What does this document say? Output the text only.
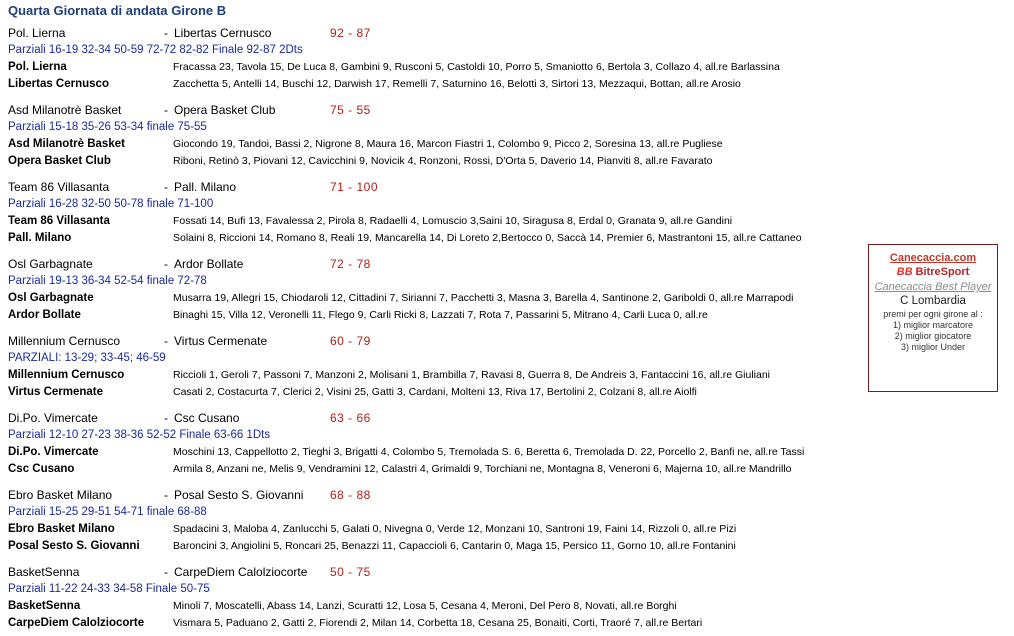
Quarta Giornata di andata Girone B
Pol. Lierna	- Libertas Cernusco	92 - 87
Parziali 16-19 32-34 50-59 72-72 82-82 Finale 92-87 2Dts
Pol. Lierna	Fracassa 23, Tavola 15, De Luca 8, Gambini 9, Rusconi 5, Castoldi 10, Porro 5, Smaniotto 6, Bertola 3, Collazo 4, all.re Barlassina
Libertas Cernusco	Zacchetta 5, Antelli 14, Buschi 12, Darwish 17, Remelli 7, Saturnino 16, Belotti 3, Sirtori 13, Mezzaqui, Bottan, all.re Arosio
Asd Milanotrè Basket	- Opera Basket Club	75 - 55
Parziali 15-18 35-26 53-34 finale 75-55
Asd Milanotrè Basket	Giocondo 19, Tandoi, Bassi 2, Nigrone 8, Maura 16, Marcon Fiastri 1, Colombo 9, Picco 2, Soresina 13, all.re Pugliese
Opera Basket Club	Riboni, Retinò 3, Piovani 12, Cavicchini 9, Novicik 4, Ronzoni, Rossi, D'Orta 5, Daverio 14, Pianviti 8, all.re Favarato
Team 86 Villasanta	- Pall. Milano	71 - 100
Parziali 16-28 32-50 50-78 finale 71-100
Team 86 Villasanta	Fossati 14, Bufi 13, Favalessa 2, Pirola 8, Radaelli 4, Lomuscio 3,Saini 10, Siragusa 8, Erdal 0, Granata 9, all.re Gandini
Pall. Milano	Solaini 8, Riccioni 14, Romano 8, Reali 19, Mancarella 14, Di Loreto 2,Bertocco 0, Saccà 14, Premier 6, Mastrantoni 15, all.re Cattaneo
Osl Garbagnate	- Ardor Bollate	72 - 78
Parziali 19-13 36-34 52-54 finale 72-78
Osl Garbagnate	Musarra 19, Allegri 15, Chiodaroli 12, Cittadini 7, Sirianni 7, Pacchetti 3, Masna 3, Barella 4, Santinone 2, Gariboldi 0, all.re Marrapodi
Ardor Bollate	Binaghi 15, Villa 12, Veronelli 11, Flego 9, Carli Ricki 8, Lazzati 7, Rota 7, Passarini 5, Mitrano 4, Carli Luca 0, all.re
Millennium Cernusco	- Virtus Cermenate	60 - 79
PARZIALI: 13-29; 33-45; 46-59
Millennium Cernusco	Riccioli 1, Geroli 7, Passoni 7, Manzoni 2, Molisani 1, Brambilla 7, Ravasi 8, Guerra 8, De Andreis 3, Fantaccini 16, all.re Giuliani
Virtus Cermenate	Casati 2, Costacurta 7, Clerici 2, Visini 25, Gatti 3, Cardani, Molteni 13, Riva 17, Bertolini 2, Colzani 8, all.re Aiolfi
Di.Po. Vimercate	- Csc Cusano	63 - 66
Parziali 12-10 27-23 38-36 52-52 Finale 63-66 1Dts
Di.Po. Vimercate	Moschini 13, Cappellotto 2, Tieghi 3, Brigatti 4, Colombo 5, Tremolada S. 6, Beretta 6, Tremolada D. 22, Porcello 2, Banfi ne, all.re Tassi
Csc Cusano	Armila 8, Anzani ne, Melis 9, Vendramini 12, Calastri 4, Grimaldi 9, Torchiani ne, Montagna 8, Veneroni 6, Majerna 10, all.re Mandrillo
Ebro Basket Milano	- Posal Sesto S. Giovanni 68 - 88
Parziali 15-25 29-51 54-71 finale 68-88
Ebro Basket Milano	Spadacini 3, Maloba 4, Zanlucchi 5, Galati 0, Nivegna 0, Verde 12, Monzani 10, Santroni 19, Faini 14, Rizzoli 0, all.re Pizi
Posal Sesto S. Giovanni	Baroncini 3, Angiolini 5, Roncari 25, Benazzi 11, Capaccioli 6, Cantarin 0, Maga 15, Persico 11, Gorno 10, all.re Fontanini
BasketSenna	- CarpeDiem Calolziocorte 50 - 75
Parziali 11-22 24-33 34-58 Finale 50-75
BasketSenna	Minoli 7, Moscatelli, Abass 14, Lanzi, Scuratti 12, Losa 5, Cesana 4, Meroni, Del Pero 8, Novati, all.re Borghi
CarpeDiem Calolziocorte	Vismara 5, Paduano 2, Gatti 2, Fiorendi 2, Milan 14, Corbetta 18, Cesana 25, Bonaiti, Corti, Traoré 7, all.re Bertari
Canecaccia.com
BB BitreSport
Canecaccia Best Player
C Lombardia
premi per ogni girone al :
1) miglior marcatore
2) miglior giocatore
3) miglior Under
